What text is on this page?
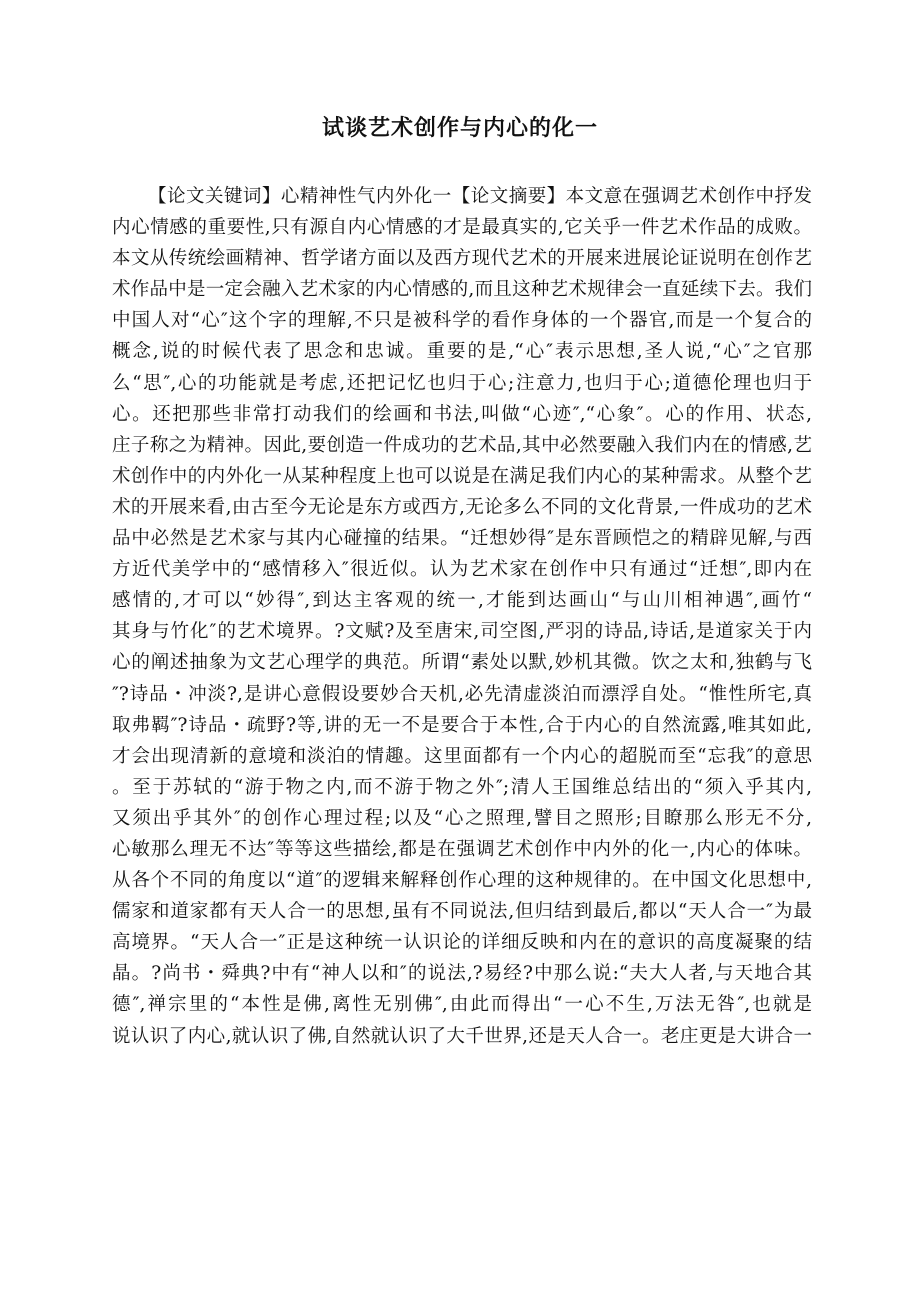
试谈艺术创作与内心的化一
【论文关键词】心精神性气内外化一【论文摘要】本文意在强调艺术创作中抒发
内心情感的重要性,只有源自内心情感的才是最真实的,它关乎一件艺术作品的成败。
本文从传统绘画精神、哲学诸方面以及西方现代艺术的开展来进展论证说明在创作艺
术作品中是一定会融入艺术家的内心情感的,而且这种艺术规律会一直延续下去。我们
中国人对“心″这个字的理解,不只是被科学的看作身体的一个器官,而是一个复合的
概念,说的时候代表了思念和忠诚。重要的是,“心″表示思想,圣人说,“心″之官那
么“思″,心的功能就是考虑,还把记忆也归于心;注意力,也归于心;道德伦理也归于
心。还把那些非常打动我们的绘画和书法,叫做“心迹″,“心象″。心的作用、状态,
庄子称之为精神。因此,要创造一件成功的艺术品,其中必然要融入我们内在的情感,艺
术创作中的内外化一从某种程度上也可以说是在满足我们内心的某种需求。从整个艺
术的开展来看,由古至今无论是东方或西方,无论多么不同的文化背景,一件成功的艺术
品中必然是艺术家与其内心碰撞的结果。“迁想妙得″是东晋顾恺之的精辟见解,与西
方近代美学中的“感情移入″很近似。认为艺术家在创作中只有通过“迁想″,即内在
感情的,才可以“妙得″,到达主客观的统一,才能到达画山“与山川相神遇″,画竹“
其身与竹化″的艺术境界。?文赋?及至唐宋,司空图,严羽的诗品,诗话,是道家关于内
心的阐述抽象为文艺心理学的典范。所谓“素处以默,妙机其微。饮之太和,独鹤与飞
″?诗品・冲淡?,是讲心意假设要妙合天机,必先清虚淡泊而漂浮自处。“惟性所宅,真
取弗羁″?诗品・疏野?等,讲的无一不是要合于本性,合于内心的自然流露,唯其如此,
才会出现清新的意境和淡泊的情趣。这里面都有一个内心的超脱而至“忘我″的意思
。至于苏轼的“游于物之内,而不游于物之外″;清人王国维总结出的“须入乎其内,
又须出乎其外″的创作心理过程;以及“心之照理,譬目之照形;目瞭那么形无不分,
心敏那么理无不达″等等这些描绘,都是在强调艺术创作中内外的化一,内心的体味。
从各个不同的角度以“道″的逻辑来解释创作心理的这种规律的。在中国文化思想中,
儒家和道家都有天人合一的思想,虽有不同说法,但归结到最后,都以“天人合一″为最
高境界。“天人合一″正是这种统一认识论的详细反映和内在的意识的高度凝聚的结
晶。?尚书・舜典?中有“神人以和″的说法,?易经?中那么说:“夫大人者,与天地合其
德″,禅宗里的“本性是佛,离性无别佛″,由此而得出“一心不生,万法无咎″,也就是
说认识了内心,就认识了佛,自然就认识了大千世界,还是天人合一。老庄更是大讲合一
